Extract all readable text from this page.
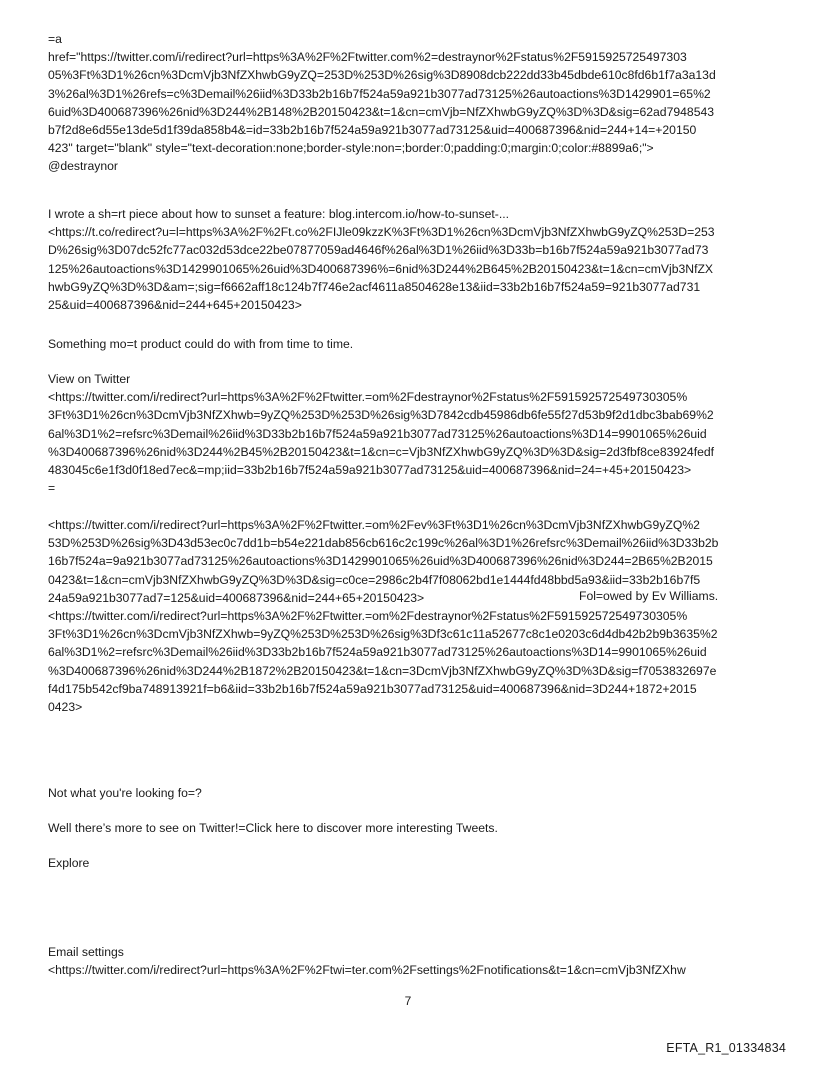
=a
href="https://twitter.com/i/redirect?url=https%3A%2F%2Ftwitter.com%2=destraynor%2Fstatus%2F5915925725497303
05%3Ft%3D1%26cn%3DcmVjb3NfZXhwbG9yZQ=253D%253D%26sig%3D8908dcb222dd33b45dbde610c8fd6b1f7a3a13d
3%26al%3D1%26refs=c%3Demail%26iid%3D33b2b16b7f524a59a921b3077ad73125%26autoactions%3D1429901=65%2
6uid%3D400687396%26nid%3D244%2B148%2B20150423&t=1&cn=cmVjb=NfZXhwbG9yZQ%3D%3D&sig=62ad7948543
b7f2d8e6d55e13de5d1f39da858b4&=id=33b2b16b7f524a59a921b3077ad73125&uid=400687396&nid=244+14=+20150
423" target="blank" style="text-decoration:none;border-style:non=;border:0;padding:0;margin:0;color:#8899a6;">
@destraynor
I wrote a sh=rt piece about how to sunset a feature: blog.intercom.io/how-to-sunset-...
<https://t.co/redirect?u=l=https%3A%2F%2Ft.co%2FIJle09kzzK%3Ft%3D1%26cn%3DcmVjb3NfZXhwbG9yZQ%253D=253
D%26sig%3D07dc52fc77ac032d53dce22be07877059ad4646f%26al%3D1%26iid%3D33b=b16b7f524a59a921b3077ad73
125%26autoactions%3D1429901065%26uid%3D400687396%=6nid%3D244%2B645%2B20150423&t=1&cn=cmVjb3NfZX
hwbG9yZQ%3D%3D&am=;sig=f6662aff18c124b7f746e2acf4611a8504628e13&iid=33b2b16b7f524a59=921b3077ad731
25&uid=400687396&nid=244+645+20150423>
Something mo=t product could do with from time to time.
View on Twitter
<https://twitter.com/i/redirect?url=https%3A%2F%2Ftwitter.=om%2Fdestraynor%2Fstatus%2F591592572549730305%
3Ft%3D1%26cn%3DcmVjb3NfZXhwb=9yZQ%253D%253D%26sig%3D7842cdb45986db6fe55f27d53b9f2d1dbc3bab69%2
6al%3D1%2=refsrc%3Demail%26iid%3D33b2b16b7f524a59a921b3077ad73125%26autoactions%3D14=9901065%26uid
%3D400687396%26nid%3D244%2B45%2B20150423&t=1&cn=c=Vjb3NfZXhwbG9yZQ%3D%3D&sig=2d3fbf8ce83924fedf
483045c6e1f3d0f18ed7ec&=mp;iid=33b2b16b7f524a59a921b3077ad73125&uid=400687396&nid=24=+45+20150423>
=
<https://twitter.com/i/redirect?url=https%3A%2F%2Ftwitter.=om%2Fev%3Ft%3D1%26cn%3DcmVjb3NfZXhwbG9yZQ%2
53D%253D%26sig%3D43d53ec0c7dd1b=b54e221dab856cb616c2c199c%26al%3D1%26refsrc%3Demail%26iid%3D33b2b
16b7f524a=9a921b3077ad73125%26autoactions%3D1429901065%26uid%3D400687396%26nid%3D244=2B65%2B2015
0423&t=1&cn=cmVjb3NfZXhwbG9yZQ%3D%3D&sig=c0ce=2986c2b4f7f08062bd1e1444fd48bbd5a93&iid=33b2b16b7f5
24a59a921b3077ad7=125&uid=400687396&nid=244+65+20150423>
<https://twitter.com/i/redirect?url=https%3A%2F%2Ftwitter.=om%2Fdestraynor%2Fstatus%2F591592572549730305%
3Ft%3D1%26cn%3DcmVjb3NfZXhwb=9yZQ%253D%253D%26sig%3Df3c61c11a52677c8c1e0203c6d4db42b2b9b3635%2
6al%3D1%2=refsrc%3Demail%26iid%3D33b2b16b7f524a59a921b3077ad73125%26autoactions%3D14=9901065%26uid
%3D400687396%26nid%3D244%2B1872%2B20150423&t=1&cn=3DcmVjb3NfZXhwbG9yZQ%3D%3D&sig=f7053832697e
f4d175b542cf9ba748913921f=b6&iid=33b2b16b7f524a59a921b3077ad73125&uid=400687396&nid=3D244+1872+2015
0423>
Fol=owed by Ev Williams.
Not what you're looking fo=?
Well there’s more to see on Twitter!=Click here to discover more interesting Tweets.
Explore
Email settings
<https://twitter.com/i/redirect?url=https%3A%2F%2Ftwi=ter.com%2Fsettings%2Fnotifications&t=1&cn=cmVjb3NfZXhw
7
EFTA_R1_01334834
